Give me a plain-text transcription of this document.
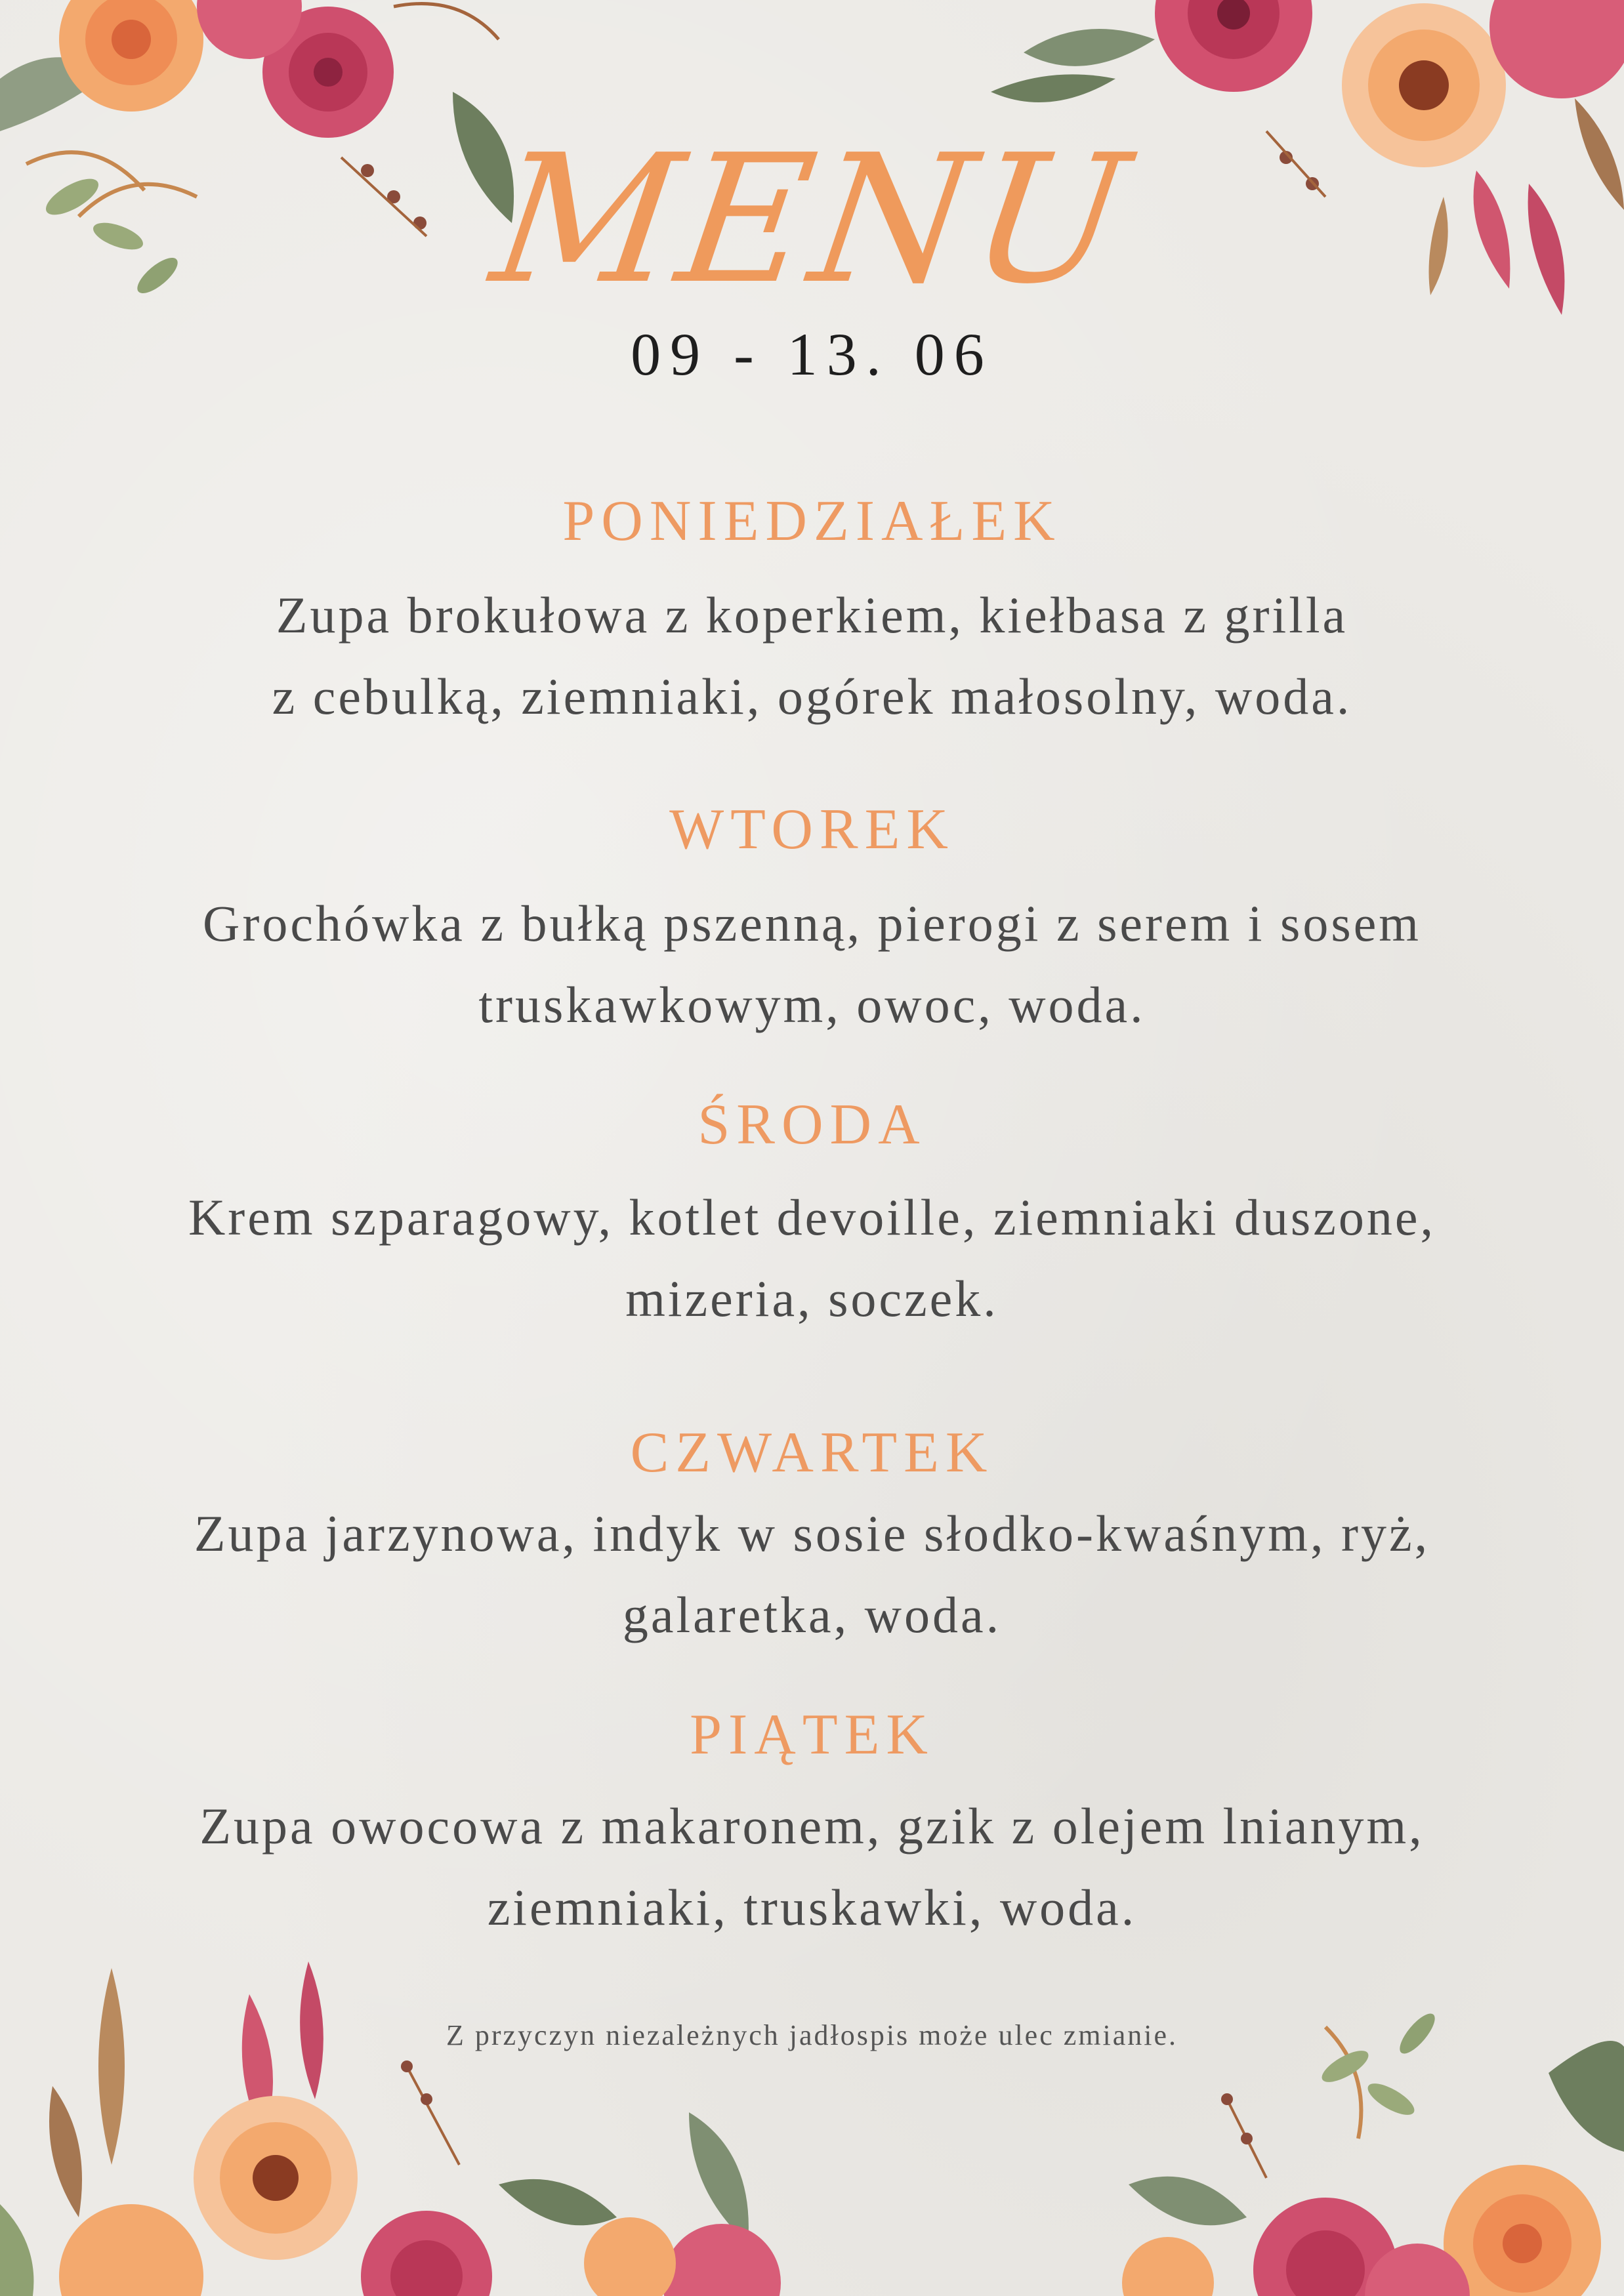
MENU
09 - 13. 06
PONIEDZIAŁEK
Zupa brokułowa z koperkiem, kiełbasa z grilla
z cebulką, ziemniaki, ogórek małosolny, woda.
WTOREK
Grochówka z bułką pszenną, pierogi z serem i sosem
truskawkowym, owoc, woda.
ŚRODA
Krem szparagowy, kotlet devoille, ziemniaki duszone,
mizeria, soczek.
CZWARTEK
Zupa jarzynowa, indyk w sosie słodko-kwaśnym, ryż,
galaretka, woda.
PIĄTEK
Zupa owocowa z makaronem, gzik z olejem lnianym,
ziemniaki, truskawki, woda.
Z przyczyn niezależnych jadłospis może ulec zmianie.
